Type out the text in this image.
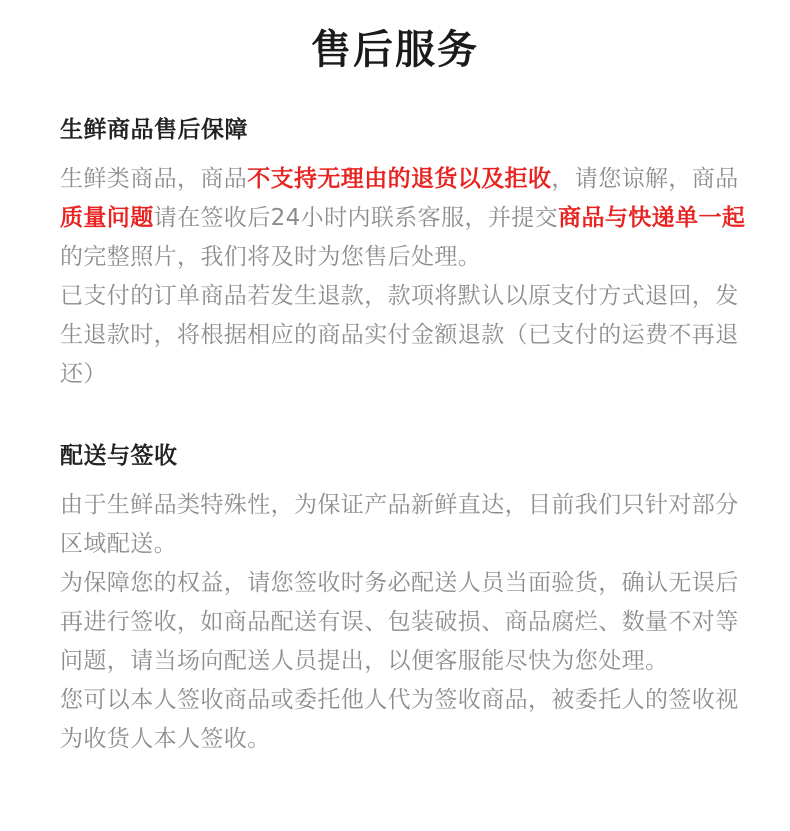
售后服务
生鲜商品售后保障

生鲜类商品，商品不支持无理由的退货以及拒收，请您谅解，商品质量问题请在签收后24小时内联系客服，并提交商品与快递单一起的完整照片，我们将及时为您售后处理。

已支付的订单商品若发生退款，款项将默认以原支付方式退回，发生退款时，将根据相应的商品实付金额退款（已支付的运费不再退还）

配送与签收

由于生鲜品类特殊性，为保证产品新鲜直达，目前我们只针对部分区域配送。

为保障您的权益，请您签收时务必配送人员当面验货，确认无误后再进行签收，如商品配送有误、包装破损、商品腐烂、数量不对等问题，请当场向配送人员提出，以便客服能尽快为您处理。

您可以本人签收商品或委托他人代为签收商品，被委托人的签收视为收货人本人签收。
